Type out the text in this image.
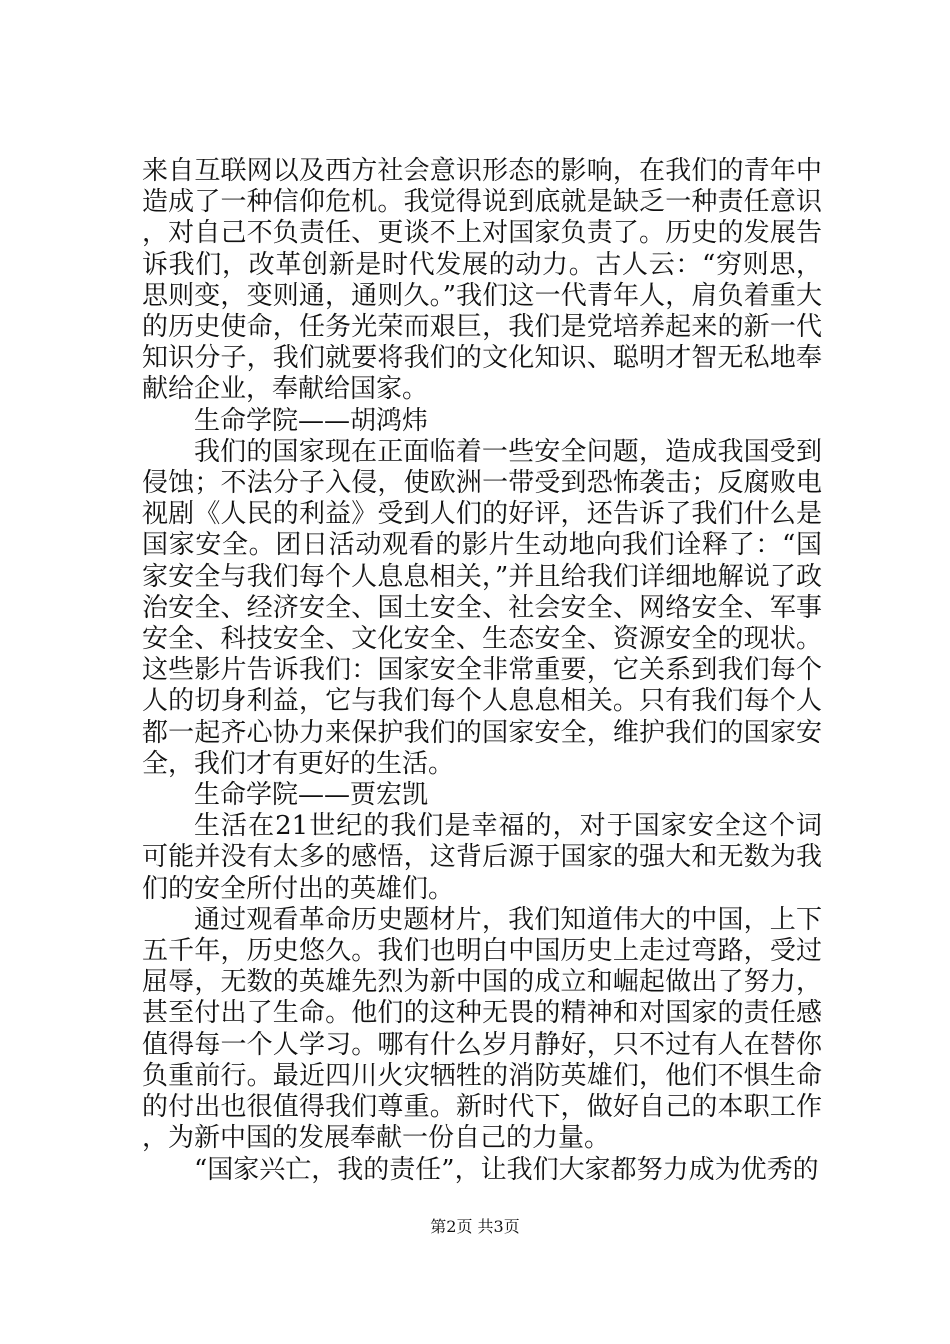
来自互联网以及西方社会意识形态的影响，在我们的青年中造成了一种信仰危机。我觉得说到底就是缺乏一种责任意识，对自己不负责任、更谈不上对国家负责了。历史的发展告诉我们，改革创新是时代发展的动力。古人云：“穷则思，思则变，变则通，通则久。”我们这一代青年人，肩负着重大的历史使命，任务光荣而艰巨，我们是党培养起来的新一代知识分子，我们就要将我们的文化知识、聪明才智无私地奉献给企业，奉献给国家。

生命学院——胡鸿炜

我们的国家现在正面临着一些安全问题，造成我国受到侵蚀；不法分子入侵，使欧洲一带受到恐怖袭击；反腐败电视剧《人民的利益》受到人们的好评，还告诉了我们什么是国家安全。团日活动观看的影片生动地向我们诠释了：“国家安全与我们每个人息息相关，”并且给我们详细地解说了政治安全、经济安全、国土安全、社会安全、网络安全、军事安全、科技安全、文化安全、生态安全、资源安全的现状。这些影片告诉我们：国家安全非常重要，它关系到我们每个人的切身利益，它与我们每个人息息相关。只有我们每个人都一起齐心协力来保护我们的国家安全，维护我们的国家安全，我们才有更好的生活。

生命学院——贾宏凯

生活在21世纪的我们是幸福的，对于国家安全这个词可能并没有太多的感悟，这背后源于国家的强大和无数为我们的安全所付出的英雄们。

通过观看革命历史题材片，我们知道伟大的中国，上下五千年，历史悠久。我们也明白中国历史上走过弯路，受过屈辱，无数的英雄先烈为新中国的成立和崛起做出了努力，甚至付出了生命。他们的这种无畏的精神和对国家的责任感值得每一个人学习。哪有什么岁月静好，只不过有人在替你负重前行。最近四川火灾牺牲的消防英雄们，他们不惧生命的付出也很值得我们尊重。新时代下，做好自己的本职工作，为新中国的发展奉献一份自己的力量。

“国家兴亡，我的责任”，让我们大家都努力成为优秀的

第2页 共3页
